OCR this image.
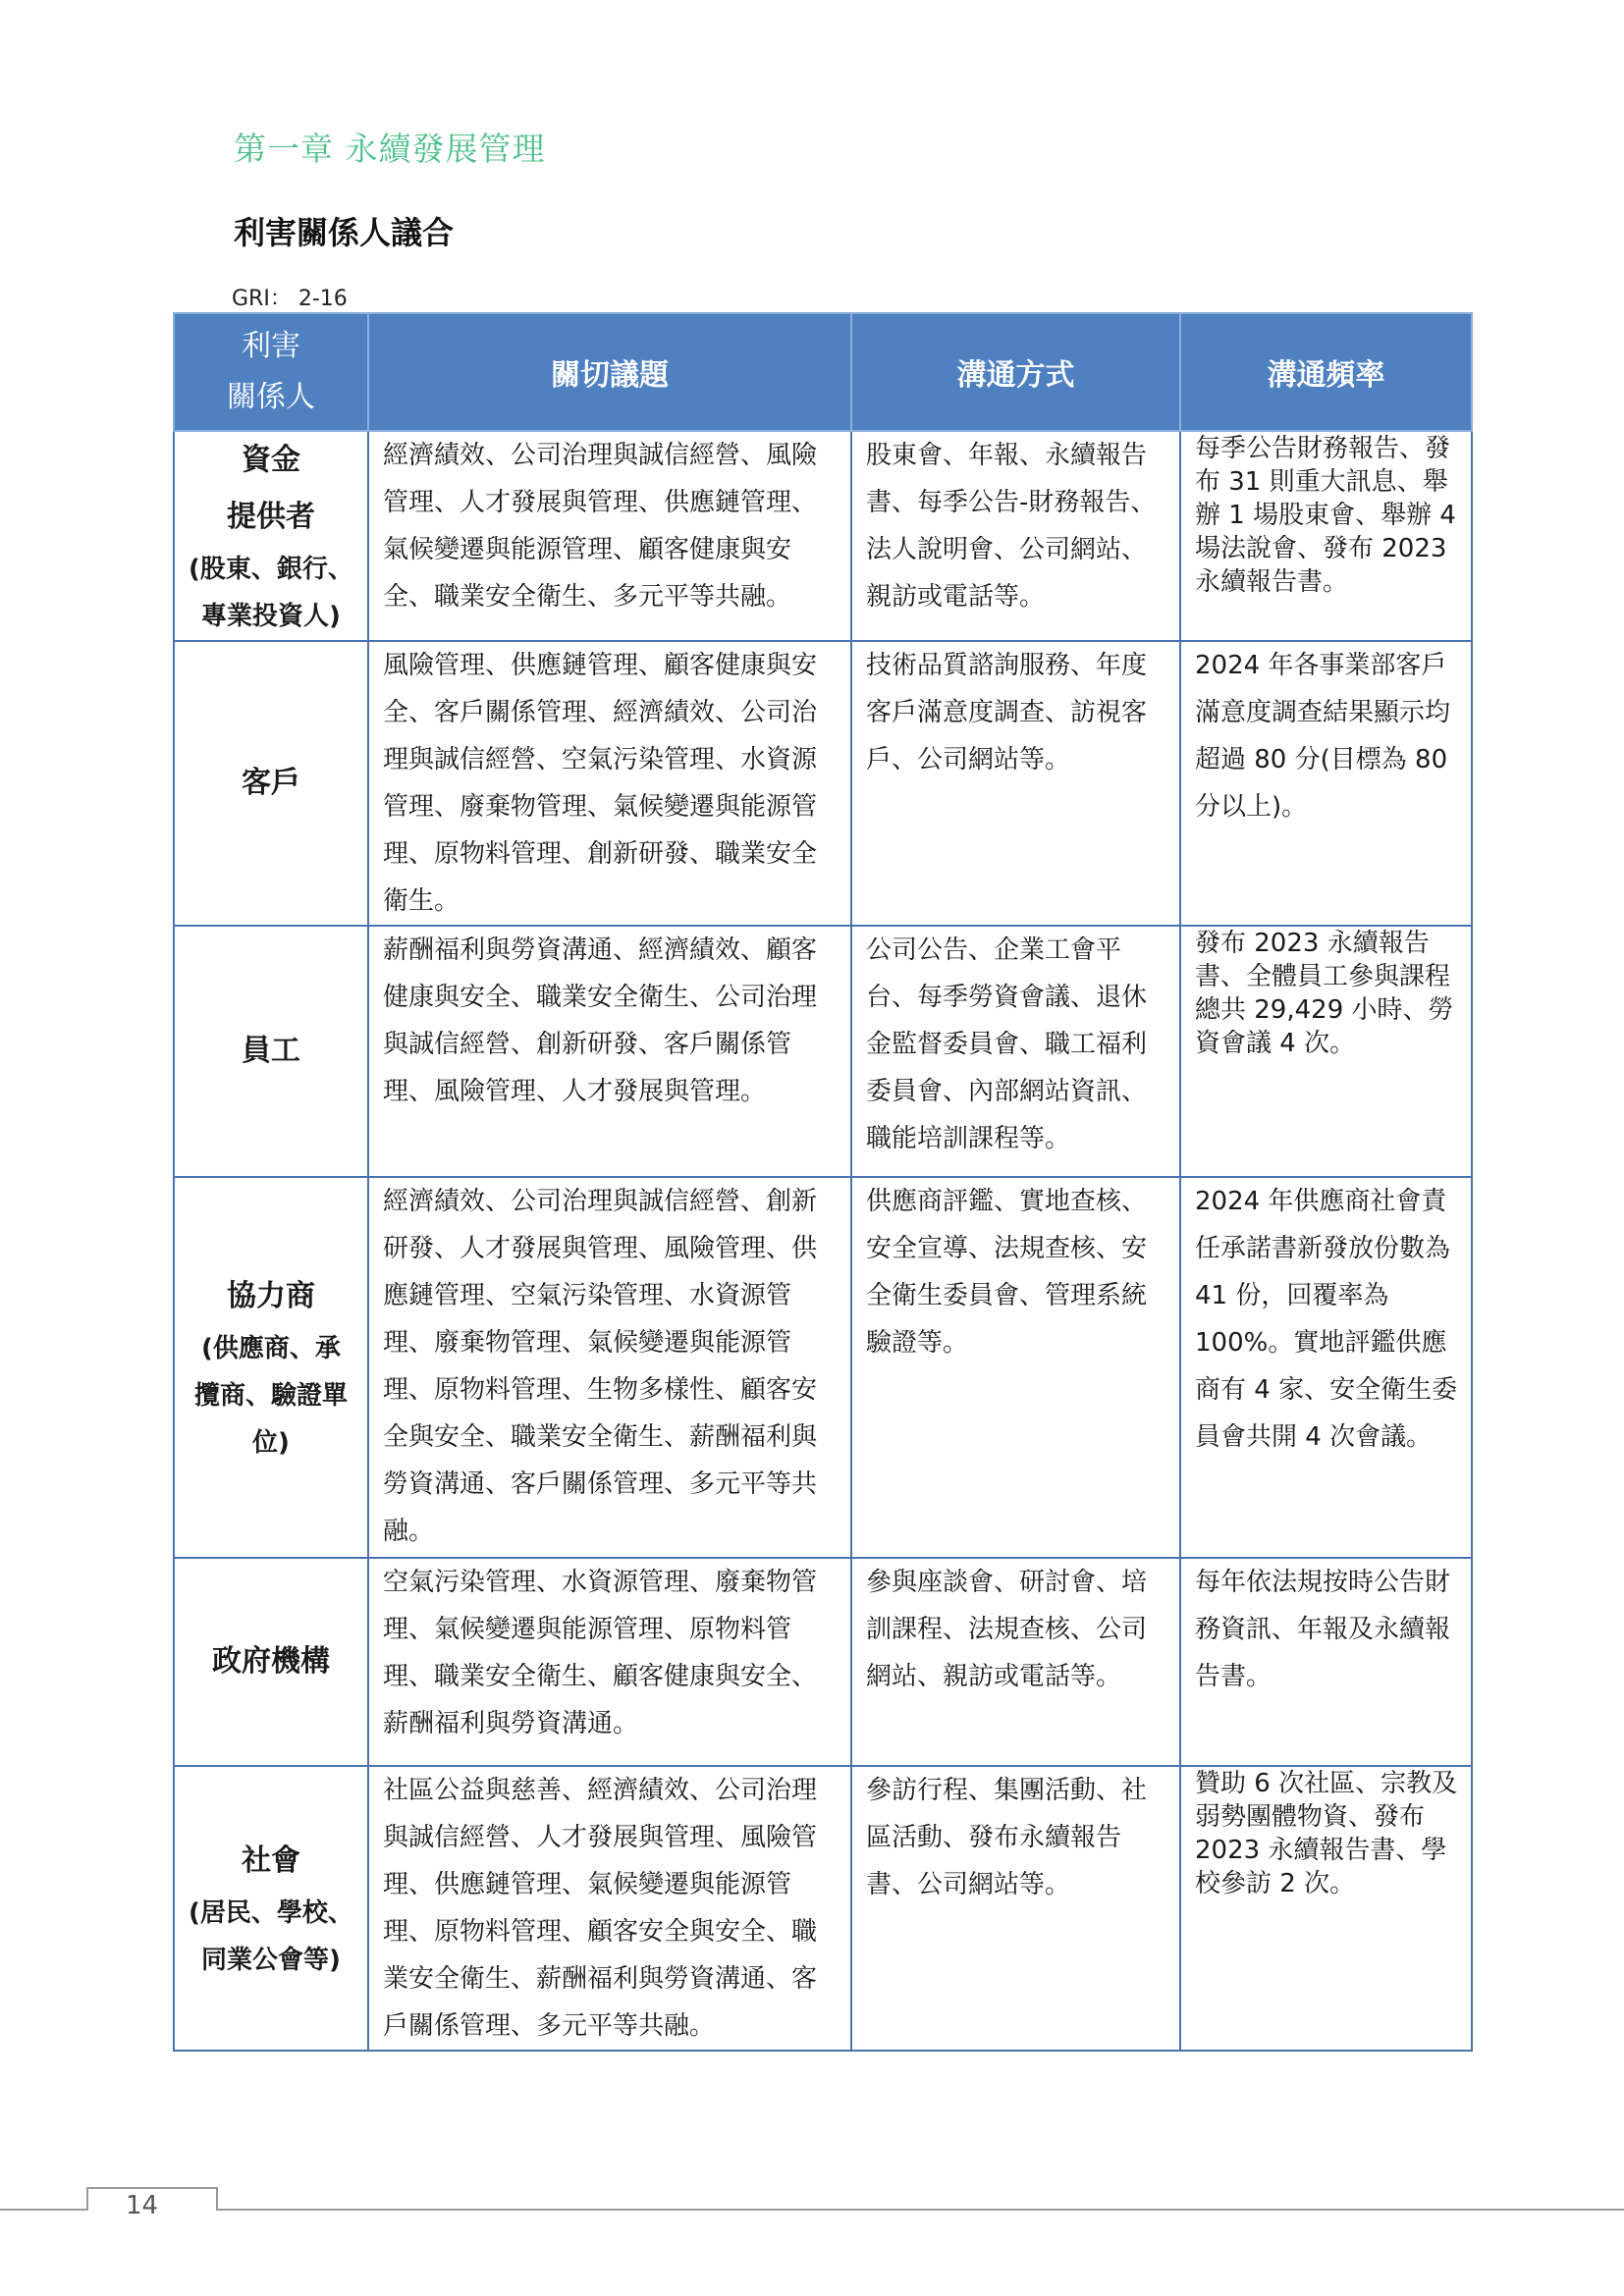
第一章 永續發展管理
利害關係人議合
GRI： 2-16
利害
關係人	關切議題	溝通方式	溝通頻率

資金
提供者
(股東、銀行、
專業投資人)	經濟績效、公司治理與誠信經營、風險管理、人才發展與管理、供應鏈管理、氣候變遷與能源管理、顧客健康與安全、職業安全衛生、多元平等共融。	股東會、年報、永續報告書、每季公告-財務報告、法人說明會、公司網站、親訪或電話等。	每季公告財務報告、發布 31 則重大訊息、舉辦 1 場股東會、舉辦 4 場法說會、發布 2023 永續報告書。

客戶	風險管理、供應鏈管理、顧客健康與安全、客戶關係管理、經濟績效、公司治理與誠信經營、空氣污染管理、水資源管理、廢棄物管理、氣候變遷與能源管理、原物料管理、創新研發、職業安全衛生。	技術品質諮詢服務、年度客戶滿意度調查、訪視客戶、公司網站等。	2024 年各事業部客戶滿意度調查結果顯示均超過 80 分(目標為 80 分以上)。

員工	薪酬福利與勞資溝通、經濟績效、顧客健康與安全、職業安全衛生、公司治理與誠信經營、創新研發、客戶關係管理、風險管理、人才發展與管理。	公司公告、企業工會平台、每季勞資會議、退休金監督委員會、職工福利委員會、內部網站資訊、職能培訓課程等。	發布 2023 永續報告書、全體員工參與課程總共 29,429 小時、勞資會議 4 次。

協力商
(供應商、承
攬商、驗證單
位)	經濟績效、公司治理與誠信經營、創新研發、人才發展與管理、風險管理、供應鏈管理、空氣污染管理、水資源管理、廢棄物管理、氣候變遷與能源管理、原物料管理、生物多樣性、顧客安全與安全、職業安全衛生、薪酬福利與勞資溝通、客戶關係管理、多元平等共融。	供應商評鑑、實地查核、安全宣導、法規查核、安全衛生委員會、管理系統驗證等。	2024 年供應商社會責任承諾書新發放份數為 41 份，回覆率為 100%。實地評鑑供應商有 4 家、安全衛生委員會共開 4 次會議。

政府機構	空氣污染管理、水資源管理、廢棄物管理、氣候變遷與能源管理、原物料管理、職業安全衛生、顧客健康與安全、薪酬福利與勞資溝通。	參與座談會、研討會、培訓課程、法規查核、公司網站、親訪或電話等。	每年依法規按時公告財務資訊、年報及永續報告書。

社會
(居民、學校、
同業公會等)	社區公益與慈善、經濟績效、公司治理與誠信經營、人才發展與管理、風險管理、供應鏈管理、氣候變遷與能源管理、原物料管理、顧客安全與安全、職業安全衛生、薪酬福利與勞資溝通、客戶關係管理、多元平等共融。	參訪行程、集團活動、社區活動、發布永續報告書、公司網站等。	贊助 6 次社區、宗教及弱勢團體物資、發布 2023 永續報告書、學校參訪 2 次。
14
